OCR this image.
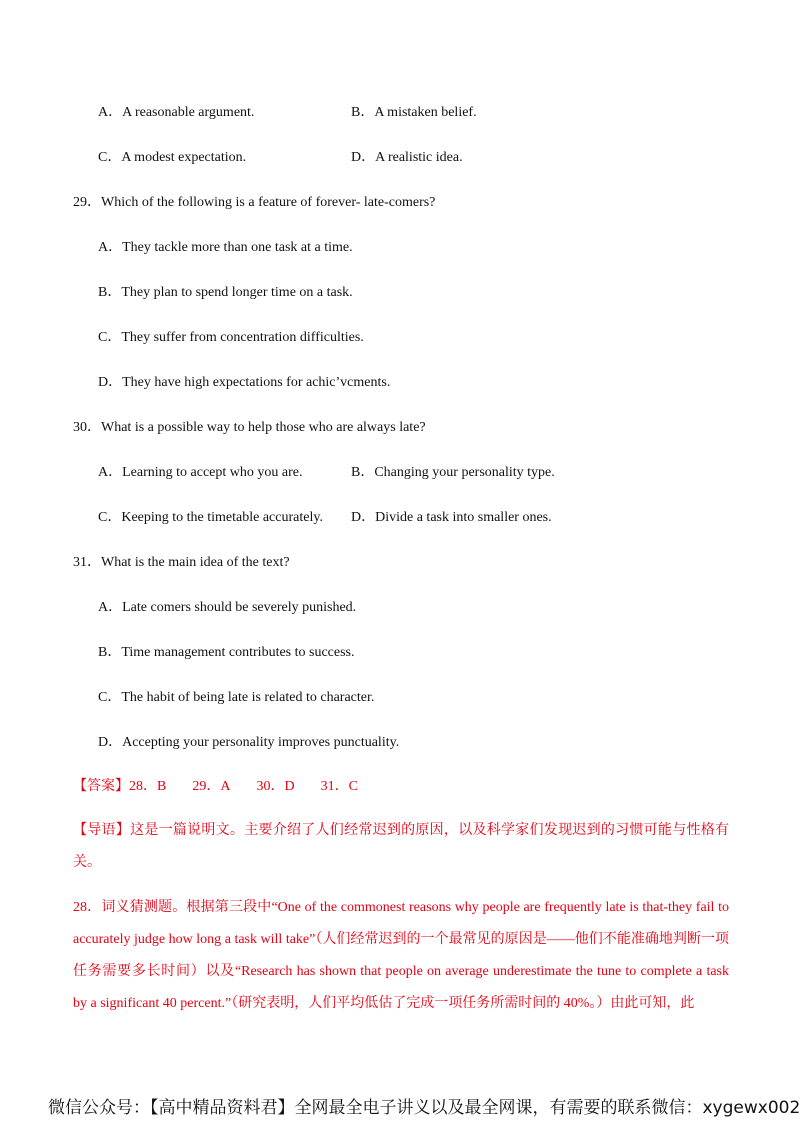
A．A reasonable argument.	B．A mistaken belief.
C．A modest expectation.	D．A realistic idea.
29．Which of the following is a feature of forever- late-comers?
A．They tackle more than one task at a time.
B．They plan to spend longer time on a task.
C．They suffer from concentration difficulties.
D．They have high expectations for achic’vcments.
30．What is a possible way to help those who are always late?
A．Learning to accept who you are.	B．Changing your personality type.
C．Keeping to the timetable accurately. D．Divide a task into smaller ones.
31．What is the main idea of the text?
A．Late comers should be severely punished.
B．Time management contributes to success.
C．The habit of being late is related to character.
D．Accepting your personality improves punctuality.
【答案】28．B 29．A 30．D 31．C
【导语】这是一篇说明文。主要介绍了人们经常迟到的原因，以及科学家们发现迟到的习惯可能与性格有关。
28．词义猜测题。根据第三段中“One of the commonest reasons why people are frequently late is that-they fail to accurately judge how long a task will take”（人们经常迟到的一个最常见的原因是——他们不能准确地判断一项任务需要多长时间）以及“Research has shown that people on average underestimate the tune to complete a task by a significant 40 percent.”（研究表明，人们平均低估了完成一项任务所需时间的 40%。）由此可知，此
微信公众号：【高中精品资料君】全网最全电子讲义以及最全网课，有需要的联系微信：xygewx002
